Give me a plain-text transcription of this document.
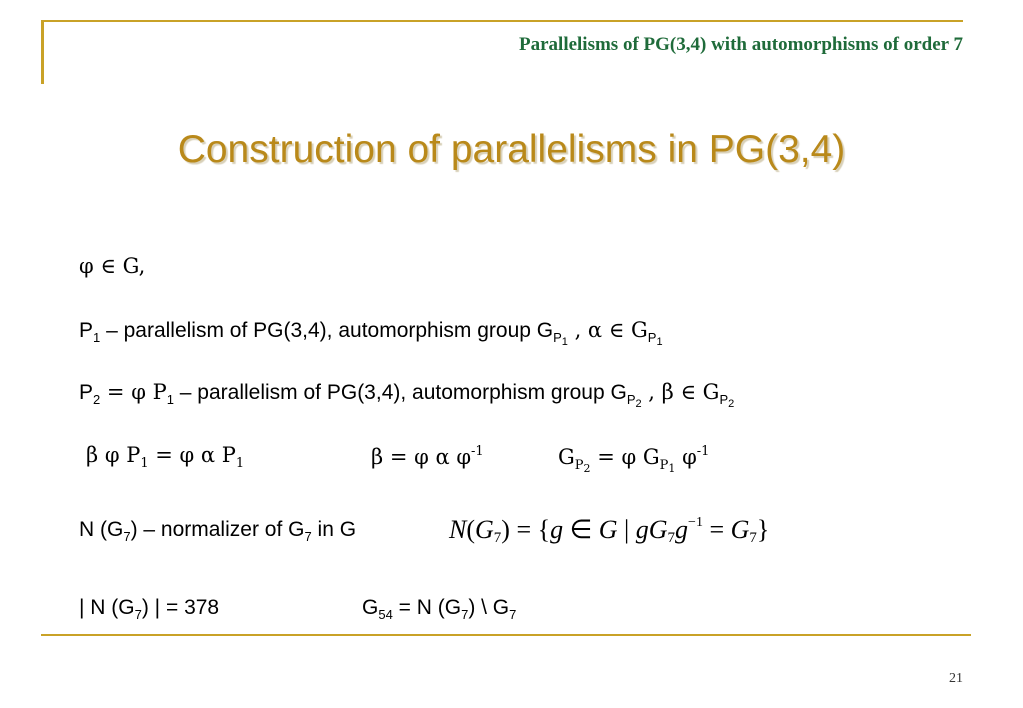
Parallelisms of PG(3,4) with automorphisms of order 7
Construction of parallelisms in PG(3,4)
φ ∈ G,
$P_1$ – parallelism of PG(3,4), automorphism group $G_{P_1}$ , α ∈ $G_{P_1}$
$P_2 = \varphi$ $P_1$ – parallelism of PG(3,4), automorphism group $G_{P_2}$ , β ∈ $G_{P_2}$
β φ $P_1 = \varphi$ α $P_1$	β = φ α $\varphi^{-1}$	$G_{P_2} = \varphi$ $G_{P_1}$ $\varphi^{-1}$
N $(G_7)$ – normalizer of $G_7$ in G	$N(G_7) = \{g$ ∈ G | $gG_7g^{-1} = G_7$}
| N $(G_7)$ | = 378	$G_{54} = N$ $(G_7)$ \ $G_7$
21
